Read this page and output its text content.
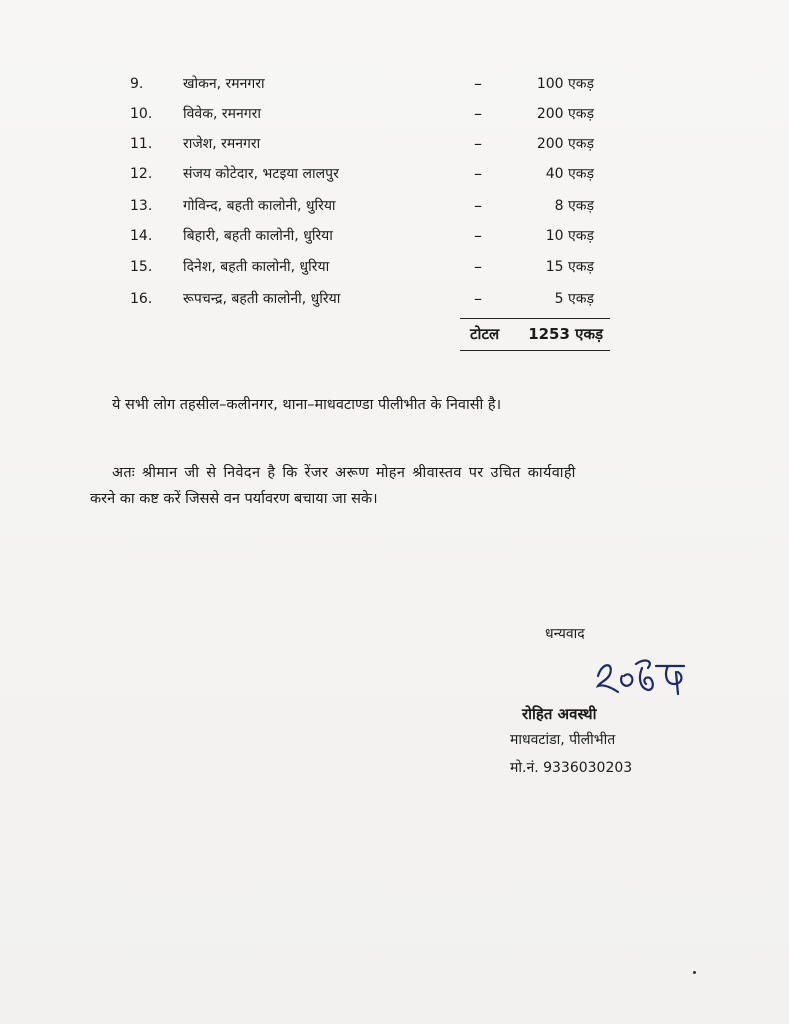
9.	खोकन, रमनगरा	–	100 एकड़
10.	विवेक, रमनगरा	–	200 एकड़
11.	राजेश, रमनगरा	–	200 एकड़
12.	संजय कोटेदार, भटइया लालपुर	–	40 एकड़
13.	गोविन्द, बहती कालोनी, धुरिया	–	8 एकड़
14.	बिहारी, बहती कालोनी, धुरिया	–	10 एकड़
15.	दिनेश, बहती कालोनी, धुरिया	–	15 एकड़
16.	रूपचन्द्र, बहती कालोनी, धुरिया	–	5 एकड़
टोटल 1253 एकड़
ये सभी लोग तहसील–कलीनगर, थाना–माधवटाण्डा पीलीभीत के निवासी है।
अतः श्रीमान जी से निवेदन है कि रेंजर अरूण मोहन श्रीवास्तव पर उचित कार्यवाही
करने का कष्ट करें जिससे वन पर्यावरण बचाया जा सके।
धन्यवाद
रोहित अवस्थी
माधवटांडा, पीलीभीत
मो.नं. 9336030203
